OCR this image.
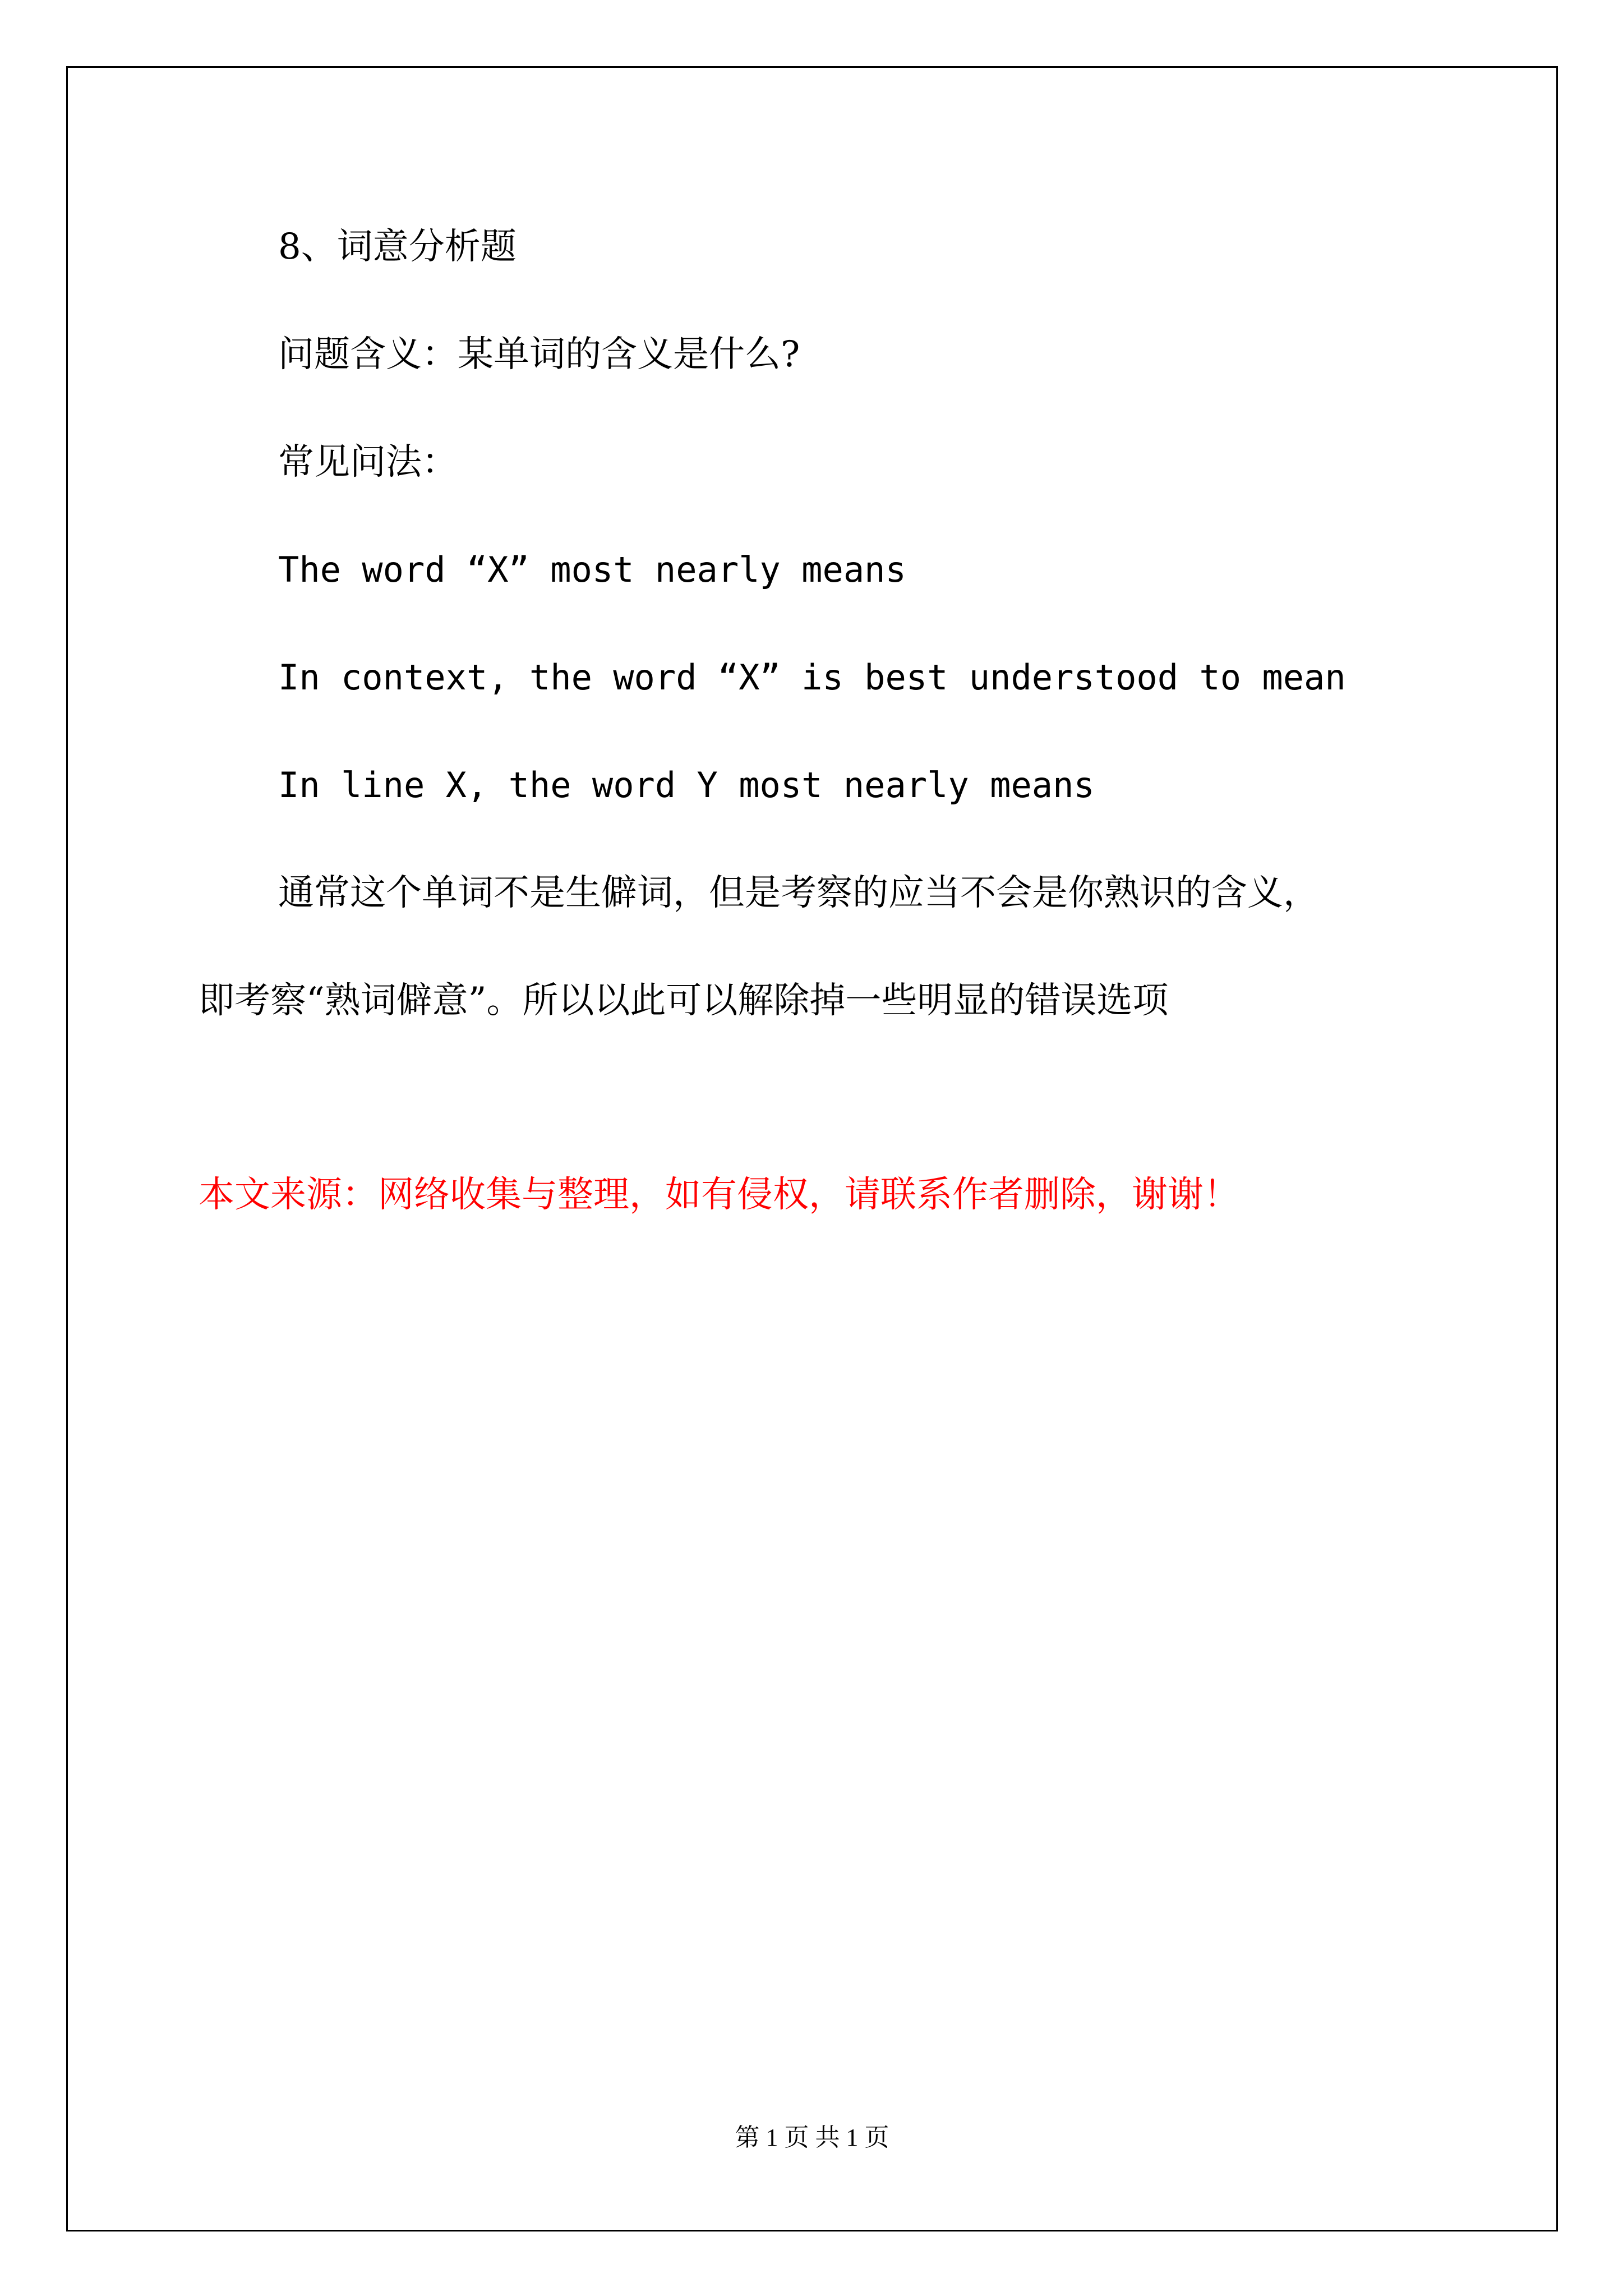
8、词意分析题
问题含义：某单词的含义是什么?
常见问法：
The word “X” most nearly means
In context, the word “X” is best understood to mean
In line X, the word Y most nearly means
通常这个单词不是生僻词，但是考察的应当不会是你熟识的含义，
即考察“熟词僻意”。所以以此可以解除掉一些明显的错误选项
本文来源：网络收集与整理，如有侵权，请联系作者删除，谢谢！
第 1 页 共 1 页
